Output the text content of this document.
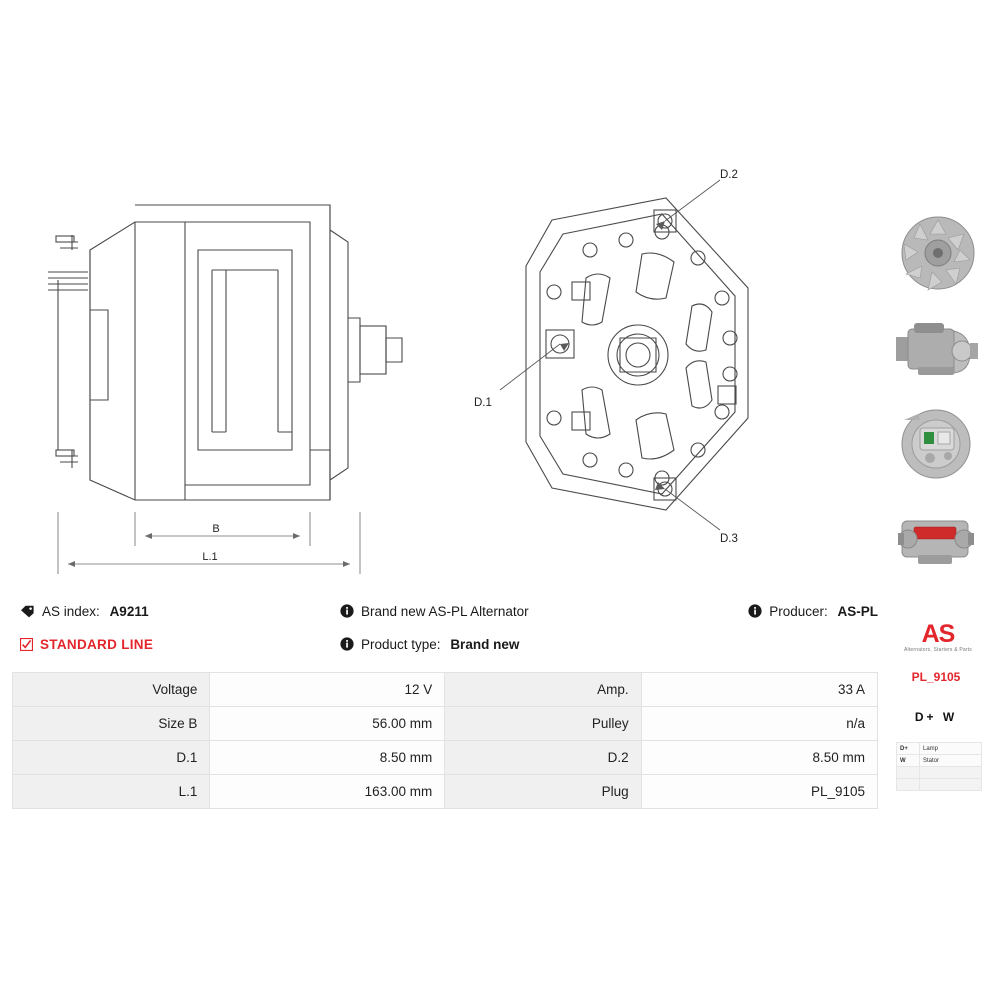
B
L.1
D.1
D.2
D.3
AS index: A9211
STANDARD LINE
Brand new AS-PL Alternator
Product type: Brand new
Producer: AS-PL
Voltage	12 V	Amp.	33 A
Size B	56.00 mm	Pulley	n/a
D.1	8.50 mm	D.2	8.50 mm
L.1	163.00 mm	Plug	PL_9105
AS
Alternators, Starters & Parts
PL_9105
D+ W
D+	Lamp
W	Stator
